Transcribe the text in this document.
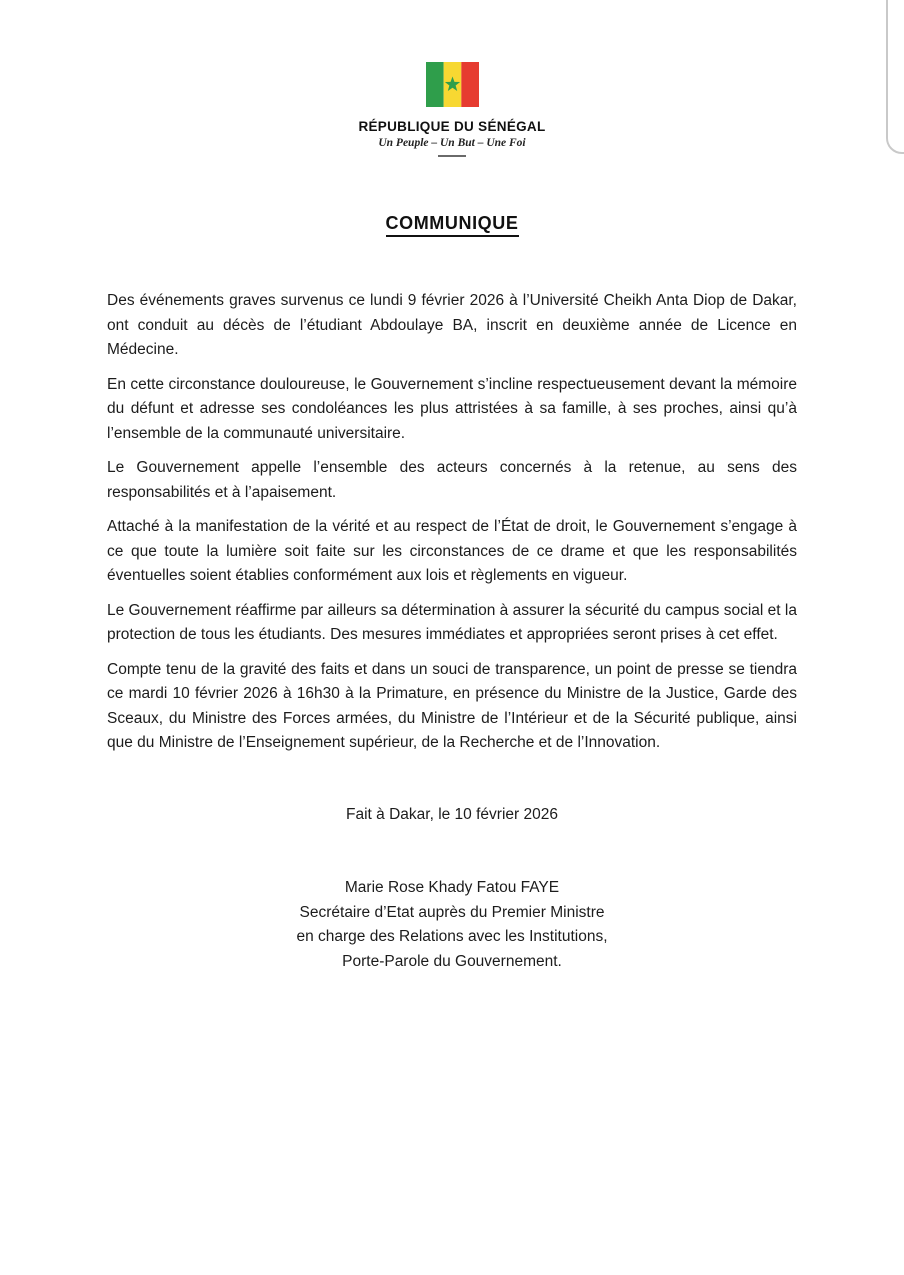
RÉPUBLIQUE DU SÉNÉGAL
Un Peuple – Un But – Une Foi
COMMUNIQUE

Des événements graves survenus ce lundi 9 février 2026 à l’Université Cheikh Anta Diop de Dakar, ont conduit au décès de l’étudiant Abdoulaye BA, inscrit en deuxième année de Licence en Médecine.

En cette circonstance douloureuse, le Gouvernement s’incline respectueusement devant la mémoire du défunt et adresse ses condoléances les plus attristées à sa famille, à ses proches, ainsi qu’à l’ensemble de la communauté universitaire.

Le Gouvernement appelle l’ensemble des acteurs concernés à la retenue, au sens des responsabilités et à l’apaisement.

Attaché à la manifestation de la vérité et au respect de l’État de droit, le Gouvernement s’engage à ce que toute la lumière soit faite sur les circonstances de ce drame et que les responsabilités éventuelles soient établies conformément aux lois et règlements en vigueur.

Le Gouvernement réaffirme par ailleurs sa détermination à assurer la sécurité du campus social et la protection de tous les étudiants. Des mesures immédiates et appropriées seront prises à cet effet.

Compte tenu de la gravité des faits et dans un souci de transparence, un point de presse se tiendra ce mardi 10 février 2026 à 16h30 à la Primature, en présence du Ministre de la Justice, Garde des Sceaux, du Ministre des Forces armées, du Ministre de l’Intérieur et de la Sécurité publique, ainsi que du Ministre de l’Enseignement supérieur, de la Recherche et de l’Innovation.

Fait à Dakar, le 10 février 2026
Marie Rose Khady Fatou FAYE
Secrétaire d’Etat auprès du Premier Ministre
en charge des Relations avec les Institutions,
Porte-Parole du Gouvernement.
